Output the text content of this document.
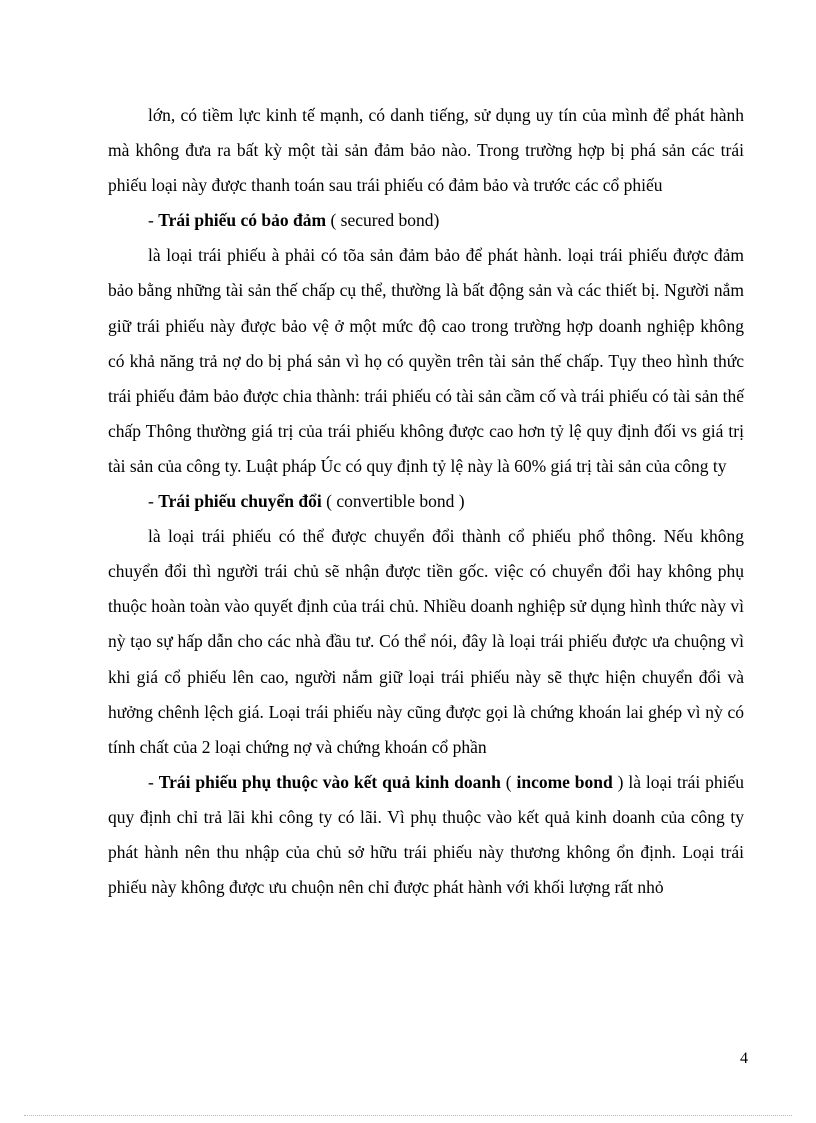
lớn, có tiềm lực kinh tế mạnh, có danh tiếng, sử dụng uy tín của mình để phát hành mà không đưa ra bất kỳ một tài sản đảm bảo nào. Trong trường hợp bị phá sản các trái phiếu loại này được thanh toán sau trái phiếu có đảm bảo và trước các cổ phiếu

- Trái phiếu có bảo đảm ( secured bond)

là loại trái phiếu à phải có tõa sản đảm bảo để phát hành. loại trái phiếu được đảm bảo bằng những tài sản thế chấp cụ thể, thường là bất động sản và các thiết bị. Người nắm giữ trái phiếu này được bảo vệ ở một mức độ cao trong trường hợp doanh nghiệp không có khả năng trả nợ do bị phá sản vì họ có quyền trên tài sản thế chấp. Tụy theo hình thức trái phiếu đảm bảo được chia thành: trái phiếu có tài sản cầm cố và trái phiếu có tài sản thế chấp Thông thường giá trị của trái phiếu không được cao hơn tỷ lệ quy định đối vs giá trị tài sản của công ty. Luật pháp Úc có quy định tỷ lệ này là 60% giá trị tài sản của công ty

- Trái phiếu chuyển đổi ( convertible bond )

là loại trái phiếu có thể được chuyển đổi thành cổ phiếu phổ thông. Nếu không chuyển đổi thì người trái chủ sẽ nhận được tiền gốc. việc có chuyển đổi hay không phụ thuộc hoàn toàn vào quyết định của trái chủ. Nhiều doanh nghiệp sử dụng hình thức này vì nỳ tạo sự hấp dẫn cho các nhà đầu tư. Có thể nói, đây là loại trái phiếu được ưa chuộng vì khi giá cổ phiếu lên cao, người nắm giữ loại trái phiếu này sẽ thực hiện chuyển đổi và hưởng chênh lệch giá. Loại trái phiếu này cũng được gọi là chứng khoán lai ghép vì nỳ có tính chất của 2 loại chứng nợ và chứng khoán cổ phần

- Trái phiếu phụ thuộc vào kết quả kinh doanh ( income bond ) là loại trái phiếu quy định chỉ trả lãi khi công ty có lãi. Vì phụ thuộc vào kết quả kinh doanh của công ty phát hành nên thu nhập của chủ sở hữu trái phiếu này thương không ổn định. Loại trái phiếu này không được ưu chuộn nên chỉ được phát hành với khối lượng rất nhỏ

4
